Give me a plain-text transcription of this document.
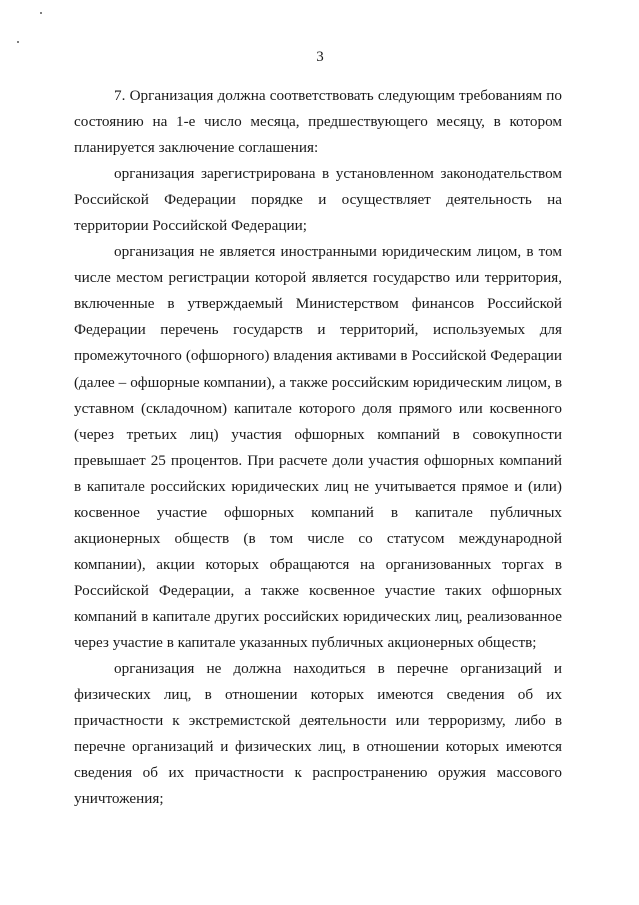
3

7. Организация должна соответствовать следующим требованиям по состоянию на 1-е число месяца, предшествующего месяцу, в котором планируется заключение соглашения:

организация зарегистрирована в установленном законодательством Российской Федерации порядке и осуществляет деятельность на территории Российской Федерации;

организация не является иностранными юридическим лицом, в том числе местом регистрации которой является государство или территория, включенные в утверждаемый Министерством финансов Российской Федерации перечень государств и территорий, используемых для промежуточного (офшорного) владения активами в Российской Федерации (далее – офшорные компании), а также российским юридическим лицом, в уставном (складочном) капитале которого доля прямого или косвенного (через третьих лиц) участия офшорных компаний в совокупности превышает 25 процентов. При расчете доли участия офшорных компаний в капитале российских юридических лиц не учитывается прямое и (или) косвенное участие офшорных компаний в капитале публичных акционерных обществ (в том числе со статусом международной компании), акции которых обращаются на организованных торгах в Российской Федерации, а также косвенное участие таких офшорных компаний в капитале других российских юридических лиц, реализованное через участие в капитале указанных публичных акционерных обществ;

организация не должна находиться в перечне организаций и физических лиц, в отношении которых имеются сведения об их причастности к экстремистской деятельности или терроризму, либо в перечне организаций и физических лиц, в отношении которых имеются сведения об их причастности к распространению оружия массового уничтожения;
